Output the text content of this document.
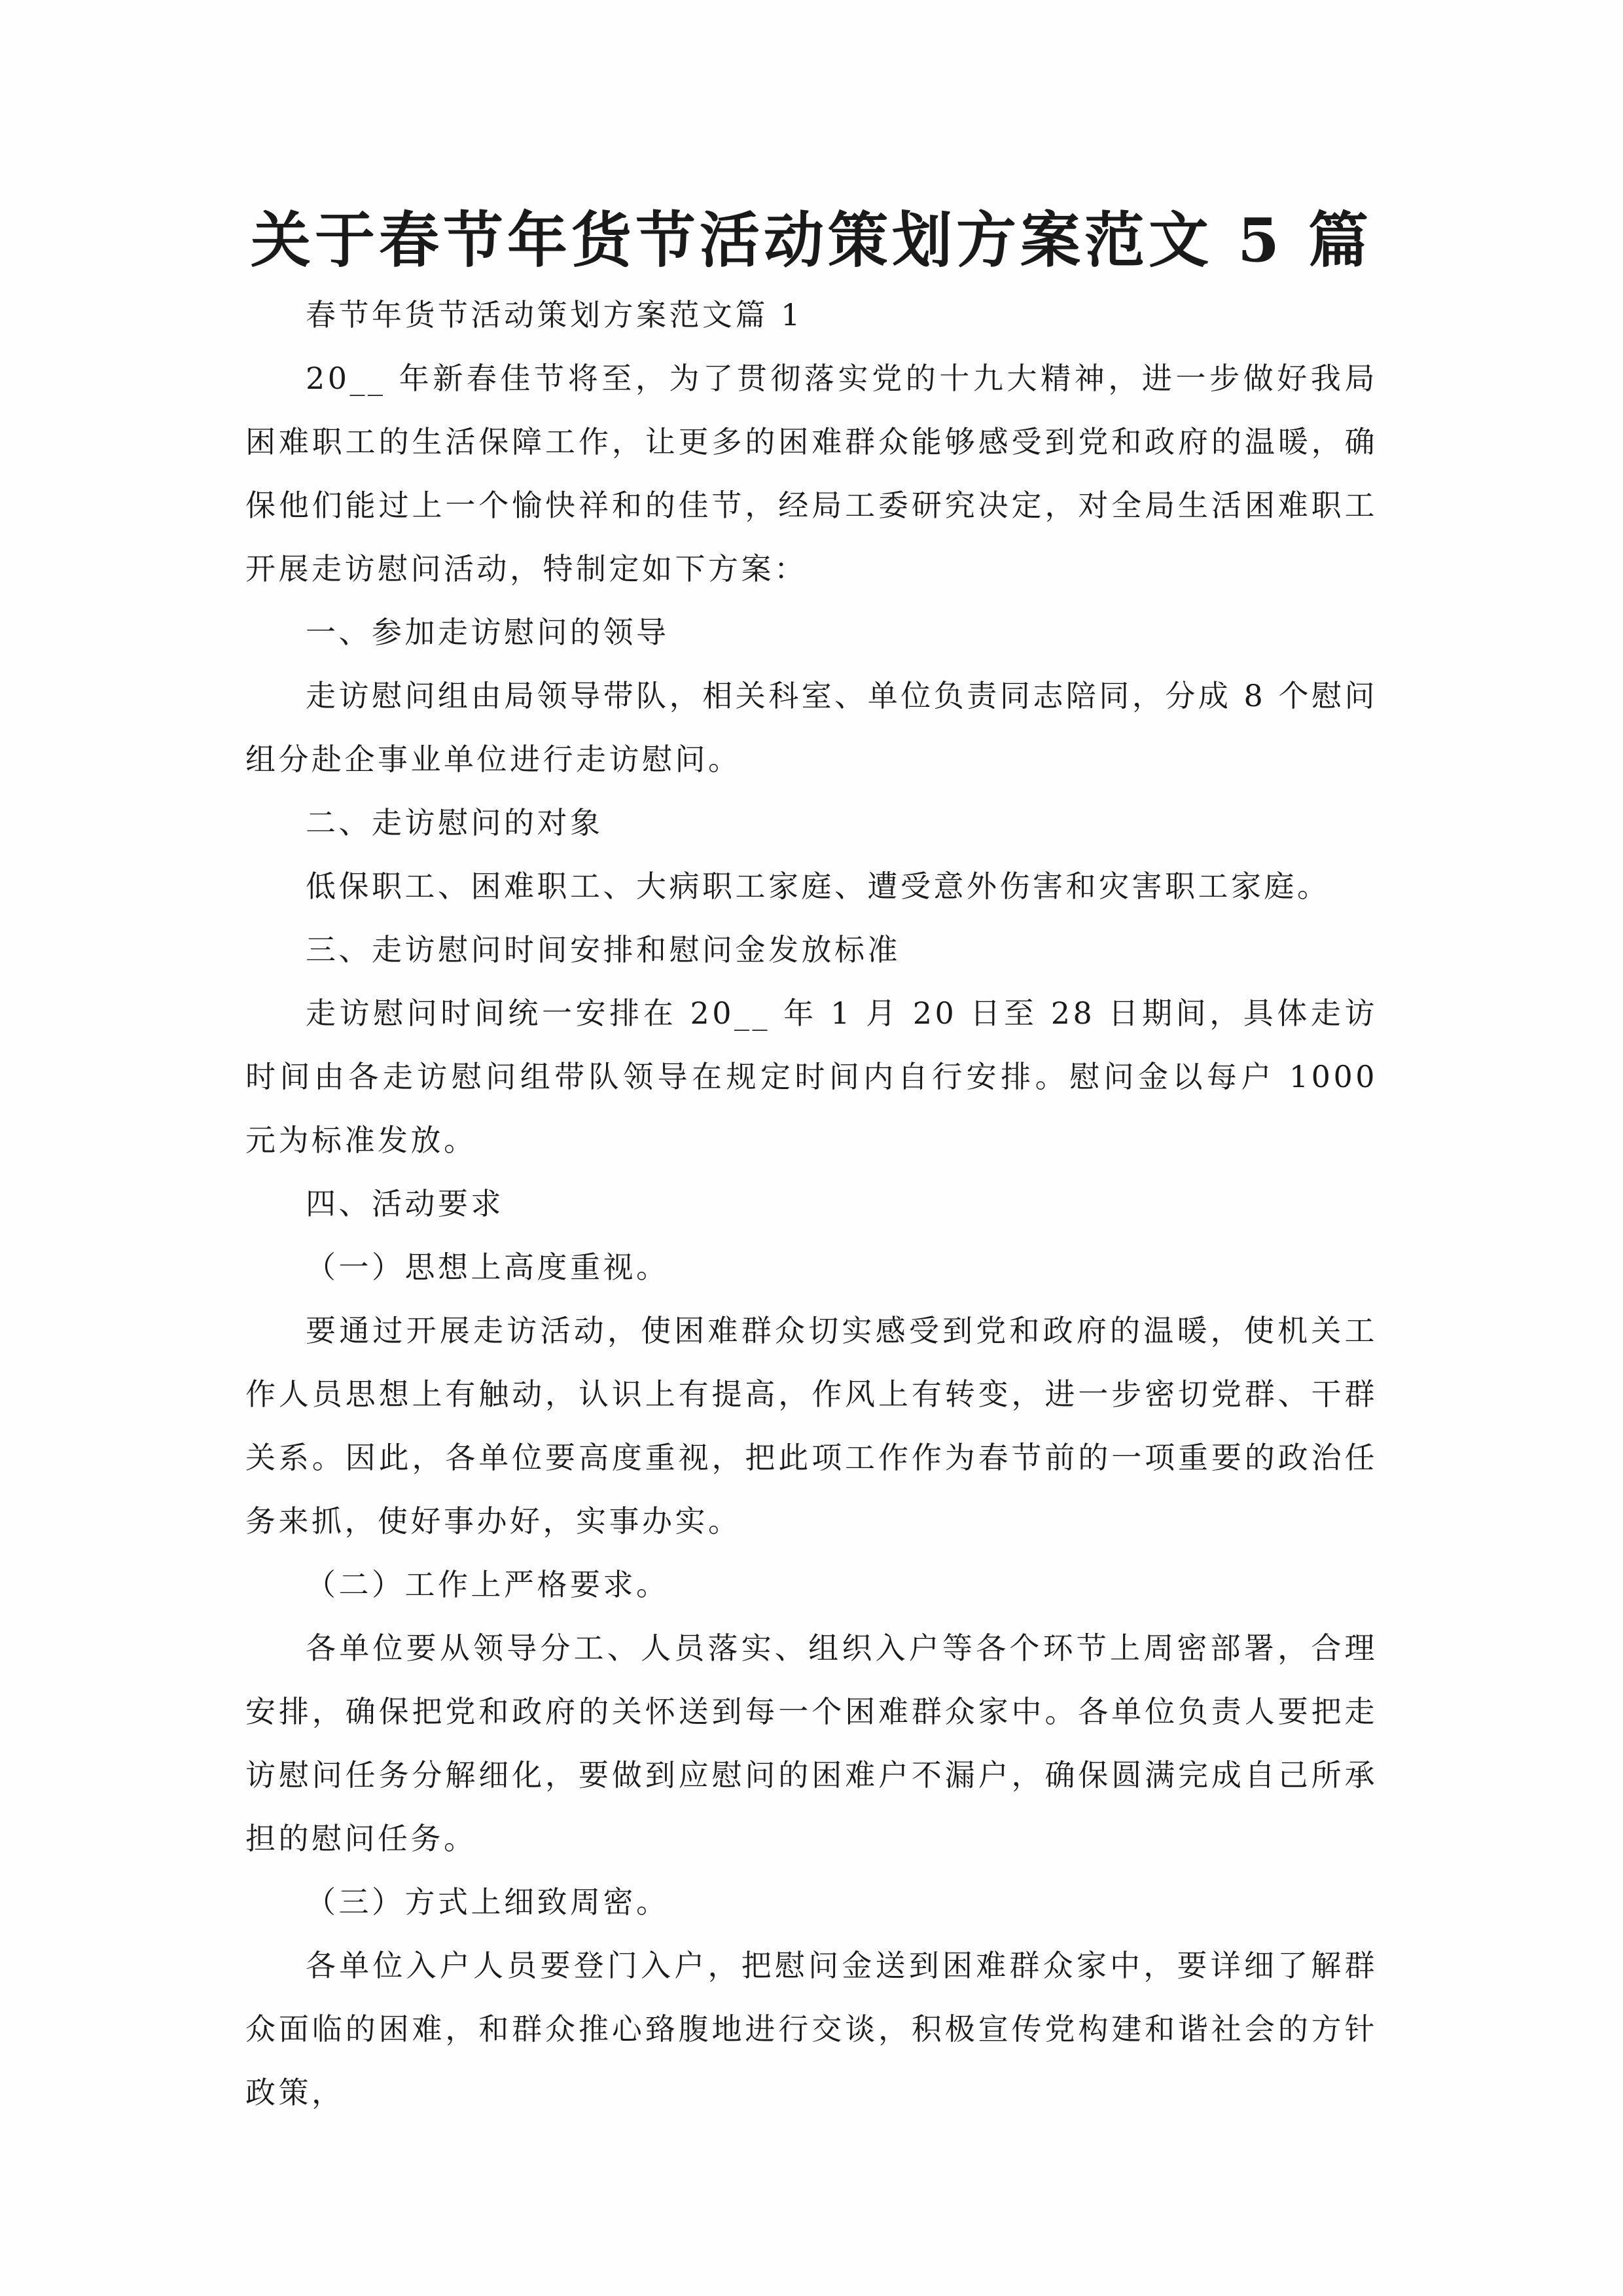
关于春节年货节活动策划方案范文 5 篇

春节年货节活动策划方案范文篇 1

20__ 年新春佳节将至，为了贯彻落实党的十九大精神，进一步做好我局困难职工的生活保障工作，让更多的困难群众能够感受到党和政府的温暖，确保他们能过上一个愉快祥和的佳节，经局工委研究决定，对全局生活困难职工开展走访慰问活动，特制定如下方案：

一、参加走访慰问的领导

走访慰问组由局领导带队，相关科室、单位负责同志陪同，分成 8 个慰问组分赴企事业单位进行走访慰问。

二、走访慰问的对象

低保职工、困难职工、大病职工家庭、遭受意外伤害和灾害职工家庭。

三、走访慰问时间安排和慰问金发放标准

走访慰问时间统一安排在 20__ 年 1 月 20 日至 28 日期间，具体走访时间由各走访慰问组带队领导在规定时间内自行安排。慰问金以每户 1000 元为标准发放。

四、活动要求

（一）思想上高度重视。

要通过开展走访活动，使困难群众切实感受到党和政府的温暖，使机关工作人员思想上有触动，认识上有提高，作风上有转变，进一步密切党群、干群关系。因此，各单位要高度重视，把此项工作作为春节前的一项重要的政治任务来抓，使好事办好，实事办实。

（二）工作上严格要求。

各单位要从领导分工、人员落实、组织入户等各个环节上周密部署，合理安排，确保把党和政府的关怀送到每一个困难群众家中。各单位负责人要把走访慰问任务分解细化，要做到应慰问的困难户不漏户，确保圆满完成自己所承担的慰问任务。

（三）方式上细致周密。

各单位入户人员要登门入户，把慰问金送到困难群众家中，要详细了解群众面临的困难，和群众推心臵腹地进行交谈，积极宣传党构建和谐社会的方针政策，
